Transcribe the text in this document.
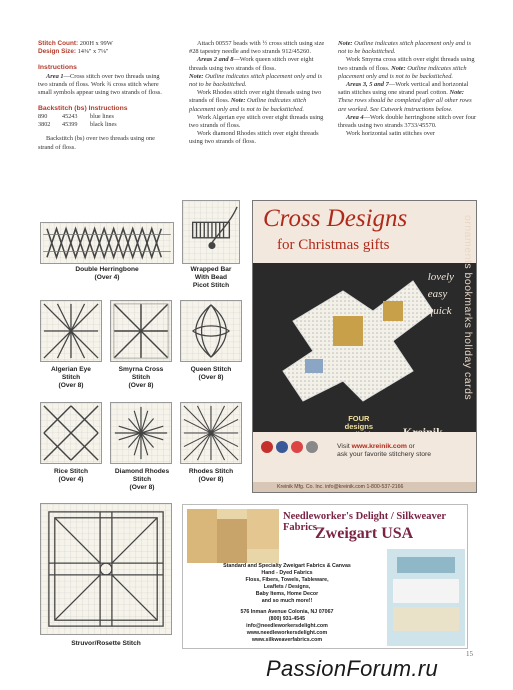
Stitch Count: 200H x 99W

Design Size: 14⅜" x 7⅛"

Instructions

Area 1—Cross stitch over two threads using two strands of floss. Work ¾ cross stitch where small symbols appear using two strands of floss.

Backstitch (bs) Instructions

890	45243	blue lines
3802	45399	black lines

Backstitch (bs) over two threads using one strand of floss.

Attach 00557 beads with ½ cross stitch using size #28 tapestry needle and two strands 912/45260.

Areas 2 and 8—Work queen stitch over eight threads using two strands of floss.

Note: Outline indicates stitch placement only and is not to be backstitched.

Work Rhodes stitch over eight threads using two strands of floss. Note: Outline indicates stitch placement only and is not to be backstitched.

Work Algerian eye stitch over eight threads using two strands of floss.

Work diamond Rhodes stitch over eight threads using two strands of floss.

Note: Outline indicates stitch placement only and is not to be backstitched.

Work Smyrna cross stitch over eight threads using two strands of floss. Note: Outline indicates stitch placement only and is not to be backstitched.

Areas 3, 5 and 7—Work vertical and horizontal satin stitches using one strand pearl cotton. Note: These rows should be completed after all other rows are worked. See Cutwork instructions below.

Area 4—Work double herringbone stitch over four threads using two strands 3733/45570.

Work horizontal satin stitches over

Double Herringbone
(Over 4)
Wrapped Bar
With Bead
Picot Stitch
Algerian Eye
Stitch
(Over 8)
Smyrna Cross
Stitch
(Over 8)
Queen Stitch
(Over 8)
Rice Stitch
(Over 4)
Diamond Rhodes
Stitch
(Over 8)
Rhodes Stitch
(Over 8)
Struvor/Rosette Stitch
Cross Designs
for Christmas gifts
lovely
easy
quick ornaments bookmarks holiday cards
FOUR
designs
Visit www.kreinik.com or
ask your favorite stitchery store
Kreinik Mfg. Co. Inc. info@kreinik.com 1-800-537-2166
Needleworker's Delight / Silkweaver Fabrics
Zweigart USA
Standard and Specialty Zweigart Fabrics & Canvas
Hand - Dyed Fabrics
Floss, Fibers, Towels, Tableware,
Leaflets / Designs,
Baby Items, Home Decor
and so much more!!
576 Inman Avenue Colonia, NJ 07067
(800) 931-4545
info@needleworkersdelight.com
www.needleworkersdelight.com
www.silkweaverfabrics.com
PassionForum.ru
15
